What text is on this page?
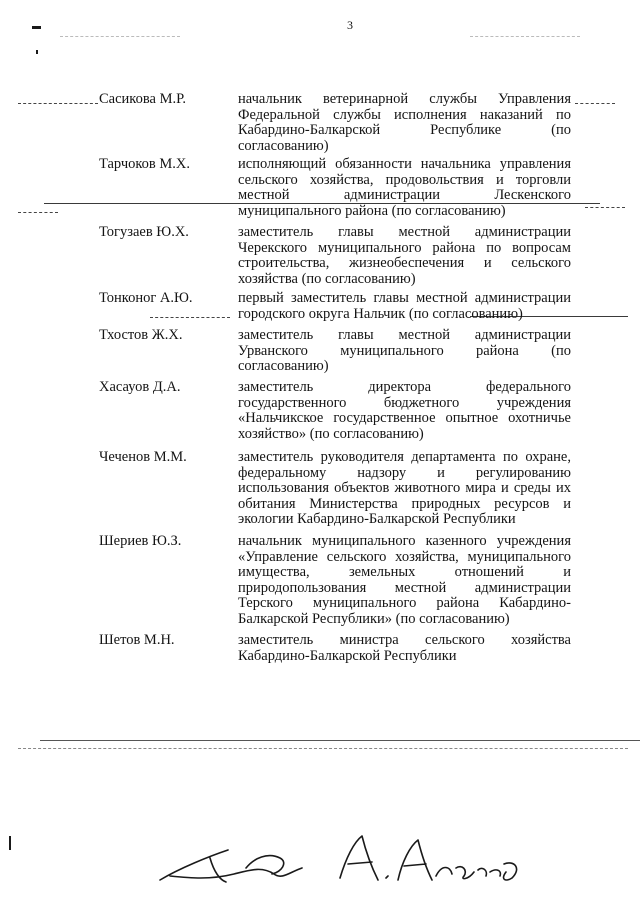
3
Сасикова М.Р.	начальник ветеринарной службы Управления Федеральной службы исполнения наказаний по Кабардино-Балкарской Республике (по согласованию)
Тарчоков М.Х.	исполняющий обязанности начальника управления сельского хозяйства, продовольствия и торговли местной администрации Лескенского муниципального района (по согласованию)
Тогузаев Ю.Х.	заместитель главы местной администрации Черекского муниципального района по вопросам строительства, жизнеобеспечения и сельского хозяйства (по согласованию)
Тонконог А.Ю.	первый заместитель главы местной администрации городского округа Нальчик (по согласованию)
Тхостов Ж.Х.	заместитель главы местной администрации Урванского муниципального района (по согласованию)
Хасауов Д.А.	заместитель директора федерального государственного бюджетного учреждения «Нальчикское государственное опытное охотничье хозяйство» (по согласованию)
Чеченов М.М.	заместитель руководителя департамента по охране, федеральному надзору и регулированию использования объектов животного мира и среды их обитания Министерства природных ресурсов и экологии Кабардино-Балкарской Республики
Шериев Ю.З.	начальник муниципального казенного учреждения «Управление сельского хозяйства, муниципального имущества, земельных отношений и природопользования местной администрации Терского муниципального района Кабардино-Балкарской Республики» (по согласованию)
Шетов М.Н.	заместитель министра сельского хозяйства Кабардино-Балкарской Республики
